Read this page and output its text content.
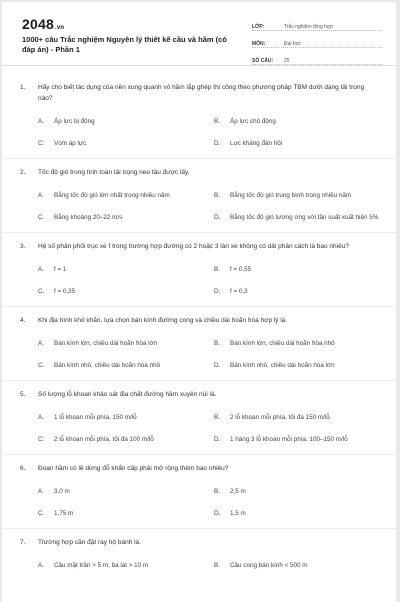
2048.vn
1000+ câu Trắc nghiệm Nguyên lý thiết kế cầu và hầm (có đáp án) - Phần 1
LỚP:	Trắc nghiệm tổng hợp
MÔN:	Đại học
SỐ CÂU:	25
1.	Hãy cho biết tác dụng của nền xung quanh vỏ hầm lắp ghép thi công theo phương pháp TBM dưới dạng tải trọng nào?
A.	Áp lực bị động	B.	Áp lực chủ động
C.	Vòm áp lực	D.	Lực kháng đàn hồi
2.	Tốc độ gió trong tính toán tải trọng neo tàu được lấy.
A.	Bằng tốc độ gió lớn nhất trong nhiều năm	B.	Bằng tốc độ gió trung bình trong nhiều năm
C.	Bằng khoảng 20–22 m/s	D.	Bằng tốc độ gió tương ứng với tần suất xuất hiện 5%
3.	Hệ số phân phối trục xe f trong trường hợp đường có 2 hoặc 3 làn xe không có dải phân cách là bao nhiêu?
A.	f = 1	B.	f = 0,55
C.	f = 0,35	D.	f = 0,3
4.	Khi địa hình khó khăn, lựa chọn bán kính đường cong và chiều dài hoãn hòa hợp lý là.
A.	Bán kính lớn, chiều dài hoãn hòa lớn	B.	Bán kính lớn, chiều dài hoãn hòa nhỏ
C.	Bán kính nhỏ, chiều dài hoãn hòa nhỏ	D.	Bán kính nhỏ, chiều dài hoãn hòa lớn
5.	Số lượng lỗ khoan khảo sát địa chất đường hầm xuyên núi là.
A.	1 lỗ khoan mỗi phía, 150 m/lỗ	B.	2 lỗ khoan mỗi phía, tối đa 150 m/lỗ
C.	2 lỗ khoan mỗi phía, tối đa 100 m/lỗ	D.	1 hàng 3 lỗ khoan mỗi phía, 100–150 m/lỗ
6.	Đoạn hầm có lề dừng đỗ khẩn cấp phải mở rộng thêm bao nhiêu?
A.	3,0 m	B.	2,5 m
C.	1,75 m	D.	1,5 m
7.	Trường hợp cần đặt ray hộ bánh là.
A.	Cầu mặt trần > 5 m; ba lát > 10 m	B.	Cầu cong bán kính < 500 m
